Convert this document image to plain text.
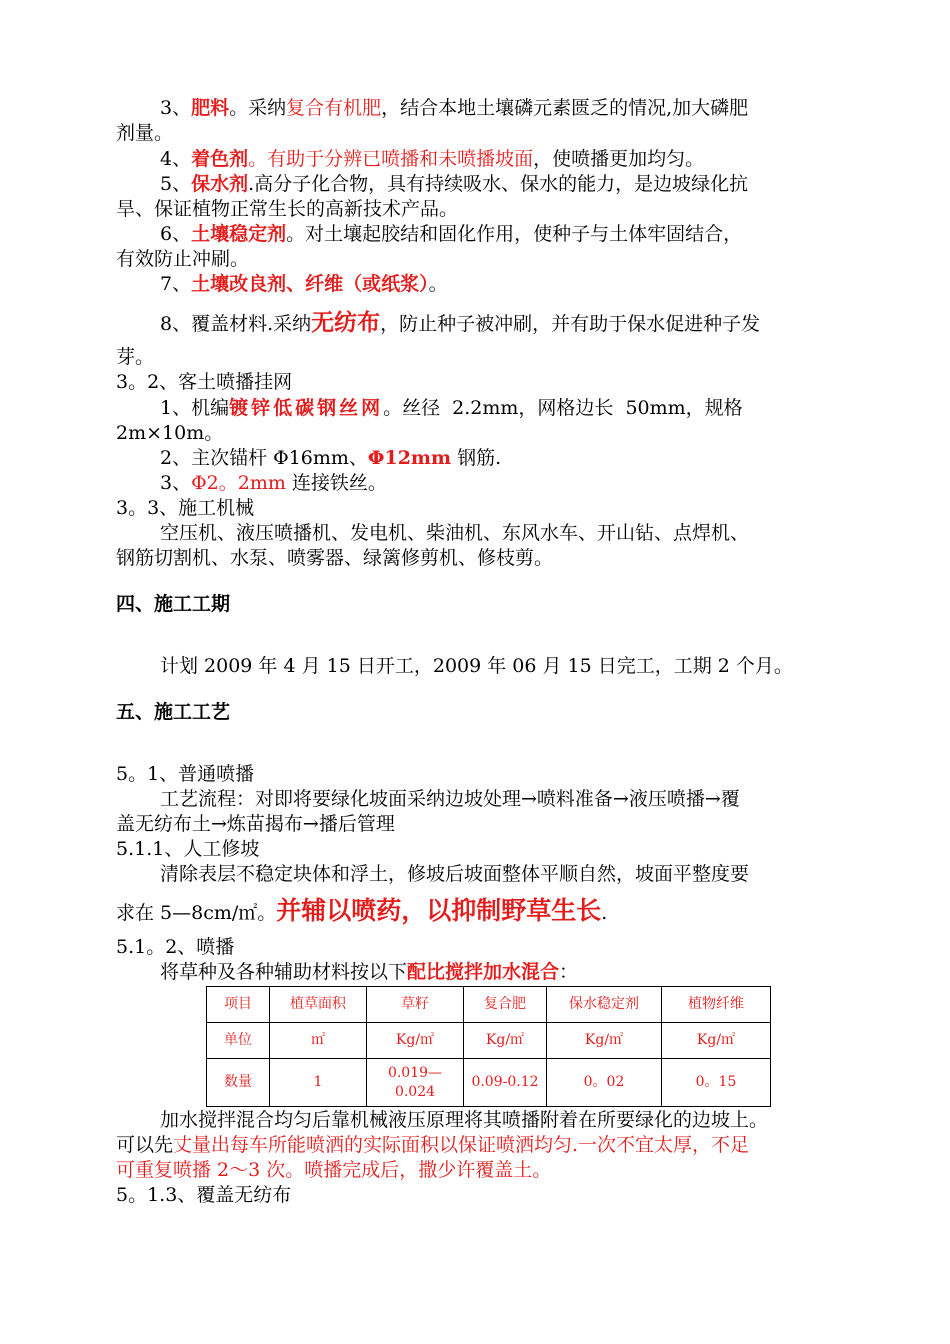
3、肥料。采纳复合有机肥，结合本地土壤磷元素匮乏的情况,加大磷肥
剂量。
4、着色剂。有助于分辨已喷播和未喷播坡面，使喷播更加均匀。
5、保水剂.高分子化合物，具有持续吸水、保水的能力，是边坡绿化抗
旱、保证植物正常生长的高新技术产品。
6、土壤稳定剂。对土壤起胶结和固化作用，使种子与土体牢固结合，
有效防止冲刷。
7、土壤改良剂、纤维（或纸浆）。
8、覆盖材料.采纳无纺布，防止种子被冲刷，并有助于保水促进种子发
芽。
3。2、客土喷播挂网
1、机编镀锌低碳钢丝网。丝径 2.2mm，网格边长 50mm，规格
2m×10m。
2、主次锚杆 Φ16mm、Φ12mm 钢筋.
3、Φ2。2mm 连接铁丝。
3。3、施工机械
空压机、液压喷播机、发电机、柴油机、东风水车、开山钻、点焊机、
钢筋切割机、水泵、喷雾器、绿篱修剪机、修枝剪。
四、施工工期
计划 2009 年 4 月 15 日开工，2009 年 06 月 15 日完工，工期 2 个月。
五、施工工艺
5。1、普通喷播
工艺流程：对即将要绿化坡面采纳边坡处理→喷料准备→液压喷播→覆
盖无纺布土→炼苗揭布→播后管理
5.1.1、人工修坡
清除表层不稳定块体和浮土，修坡后坡面整体平顺自然，坡面平整度要
求在 5—8cm/㎡。并辅以喷药，以抑制野草生长.
5.1。2、喷播
将草种及各种辅助材料按以下配比搅拌加水混合：
项目	植草面积	草籽	复合肥	保水稳定剂	植物纤维
单位	㎡	Kg/㎡	Kg/㎡	Kg/㎡	Kg/㎡
数量	1	0.019—
0.024	0.09-0.12	0。02	0。15
加水搅拌混合均匀后靠机械液压原理将其喷播附着在所要绿化的边坡上。
可以先丈量出每车所能喷洒的实际面积以保证喷洒均匀.一次不宜太厚，不足
可重复喷播 2～3 次。喷播完成后，撒少许覆盖土。
5。1.3、覆盖无纺布
